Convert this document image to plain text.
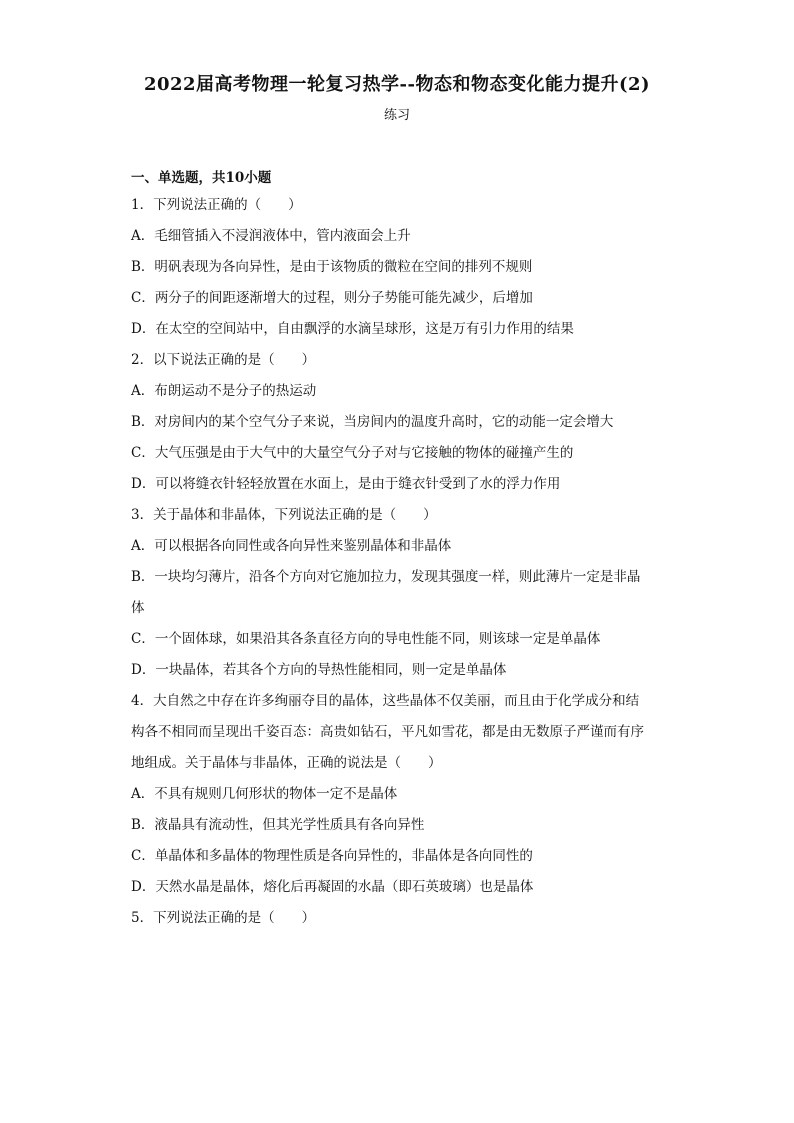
2022届高考物理一轮复习热学--物态和物态变化能力提升(2)
练习
一、单选题，共10小题
1．下列说法正确的（　　）
A．毛细管插入不浸润液体中，管内液面会上升
B．明矾表现为各向异性，是由于该物质的微粒在空间的排列不规则
C．两分子的间距逐渐增大的过程，则分子势能可能先减少，后增加
D．在太空的空间站中，自由飘浮的水滴呈球形，这是万有引力作用的结果
2．以下说法正确的是（　　）
A．布朗运动不是分子的热运动
B．对房间内的某个空气分子来说，当房间内的温度升高时，它的动能一定会增大
C．大气压强是由于大气中的大量空气分子对与它接触的物体的碰撞产生的
D．可以将缝衣针轻轻放置在水面上，是由于缝衣针受到了水的浮力作用
3．关于晶体和非晶体，下列说法正确的是（　　）
A．可以根据各向同性或各向异性来鉴别晶体和非晶体
B．一块均匀薄片，沿各个方向对它施加拉力，发现其强度一样，则此薄片一定是非晶
体
C．一个固体球，如果沿其各条直径方向的导电性能不同，则该球一定是单晶体
D．一块晶体，若其各个方向的导热性能相同，则一定是单晶体
4．大自然之中存在许多绚丽夺目的晶体，这些晶体不仅美丽，而且由于化学成分和结
构各不相同而呈现出千姿百态：高贵如钻石，平凡如雪花，都是由无数原子严谨而有序
地组成。关于晶体与非晶体，正确的说法是（　　）
A．不具有规则几何形状的物体一定不是晶体
B．液晶具有流动性，但其光学性质具有各向异性
C．单晶体和多晶体的物理性质是各向异性的，非晶体是各向同性的
D．天然水晶是晶体，熔化后再凝固的水晶（即石英玻璃）也是晶体
5．下列说法正确的是（　　）
